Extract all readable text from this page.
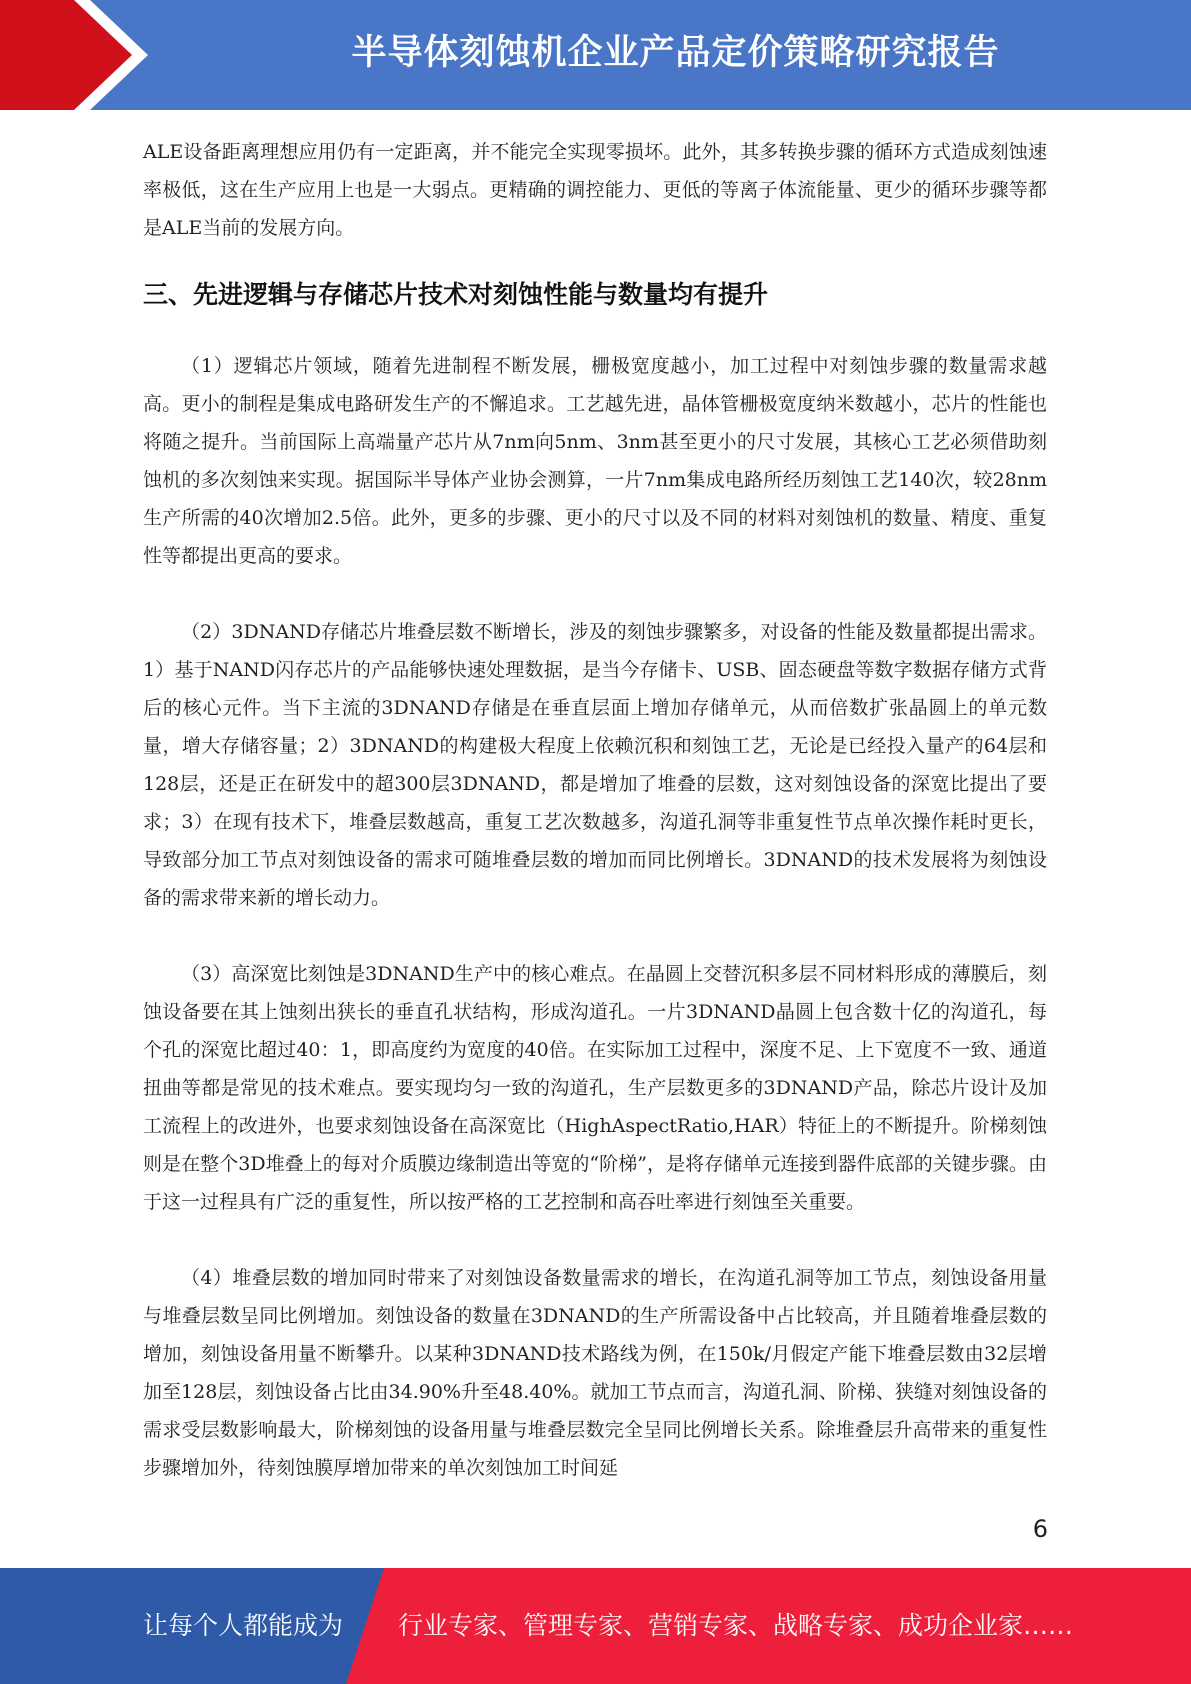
半导体刻蚀机企业产品定价策略研究报告

ALE设备距离理想应用仍有一定距离，并不能完全实现零损坏。此外，其多转换步骤的循环方式造成刻蚀速率极低，这在生产应用上也是一大弱点。更精确的调控能力、更低的等离子体流能量、更少的循环步骤等都是ALE当前的发展方向。

三、先进逻辑与存储芯片技术对刻蚀性能与数量均有提升

（1）逻辑芯片领域，随着先进制程不断发展，栅极宽度越小，加工过程中对刻蚀步骤的数量需求越高。更小的制程是集成电路研发生产的不懈追求。工艺越先进，晶体管栅极宽度纳米数越小，芯片的性能也将随之提升。当前国际上高端量产芯片从7nm向5nm、3nm甚至更小的尺寸发展，其核心工艺必须借助刻蚀机的多次刻蚀来实现。据国际半导体产业协会测算，一片7nm集成电路所经历刻蚀工艺140次，较28nm生产所需的40次增加2.5倍。此外，更多的步骤、更小的尺寸以及不同的材料对刻蚀机的数量、精度、重复性等都提出更高的要求。

（2）3DNAND存储芯片堆叠层数不断增长，涉及的刻蚀步骤繁多，对设备的性能及数量都提出需求。1）基于NAND闪存芯片的产品能够快速处理数据，是当今存储卡、USB、固态硬盘等数字数据存储方式背后的核心元件。当下主流的3DNAND存储是在垂直层面上增加存储单元，从而倍数扩张晶圆上的单元数量，增大存储容量；2）3DNAND的构建极大程度上依赖沉积和刻蚀工艺，无论是已经投入量产的64层和128层，还是正在研发中的超300层3DNAND，都是增加了堆叠的层数，这对刻蚀设备的深宽比提出了要求；3）在现有技术下，堆叠层数越高，重复工艺次数越多，沟道孔洞等非重复性节点单次操作耗时更长，导致部分加工节点对刻蚀设备的需求可随堆叠层数的增加而同比例增长。3DNAND的技术发展将为刻蚀设备的需求带来新的增长动力。

（3）高深宽比刻蚀是3DNAND生产中的核心难点。在晶圆上交替沉积多层不同材料形成的薄膜后，刻蚀设备要在其上蚀刻出狭长的垂直孔状结构，形成沟道孔。一片3DNAND晶圆上包含数十亿的沟道孔，每个孔的深宽比超过40：1，即高度约为宽度的40倍。在实际加工过程中，深度不足、上下宽度不一致、通道扭曲等都是常见的技术难点。要实现均匀一致的沟道孔，生产层数更多的3DNAND产品，除芯片设计及加工流程上的改进外，也要求刻蚀设备在高深宽比（HighAspectRatio,HAR）特征上的不断提升。阶梯刻蚀则是在整个3D堆叠上的每对介质膜边缘制造出等宽的“阶梯”，是将存储单元连接到器件底部的关键步骤。由于这一过程具有广泛的重复性，所以按严格的工艺控制和高吞吐率进行刻蚀至关重要。

（4）堆叠层数的增加同时带来了对刻蚀设备数量需求的增长，在沟道孔洞等加工节点，刻蚀设备用量与堆叠层数呈同比例增加。刻蚀设备的数量在3DNAND的生产所需设备中占比较高，并且随着堆叠层数的增加，刻蚀设备用量不断攀升。以某种3DNAND技术路线为例，在150k/月假定产能下堆叠层数由32层增加至128层，刻蚀设备占比由34.90%升至48.40%。就加工节点而言，沟道孔洞、阶梯、狭缝对刻蚀设备的需求受层数影响最大，阶梯刻蚀的设备用量与堆叠层数完全呈同比例增长关系。除堆叠层升高带来的重复性步骤增加外，待刻蚀膜厚增加带来的单次刻蚀加工时间延

6
让每个人都能成为 行业专家、管理专家、营销专家、战略专家、成功企业家……
